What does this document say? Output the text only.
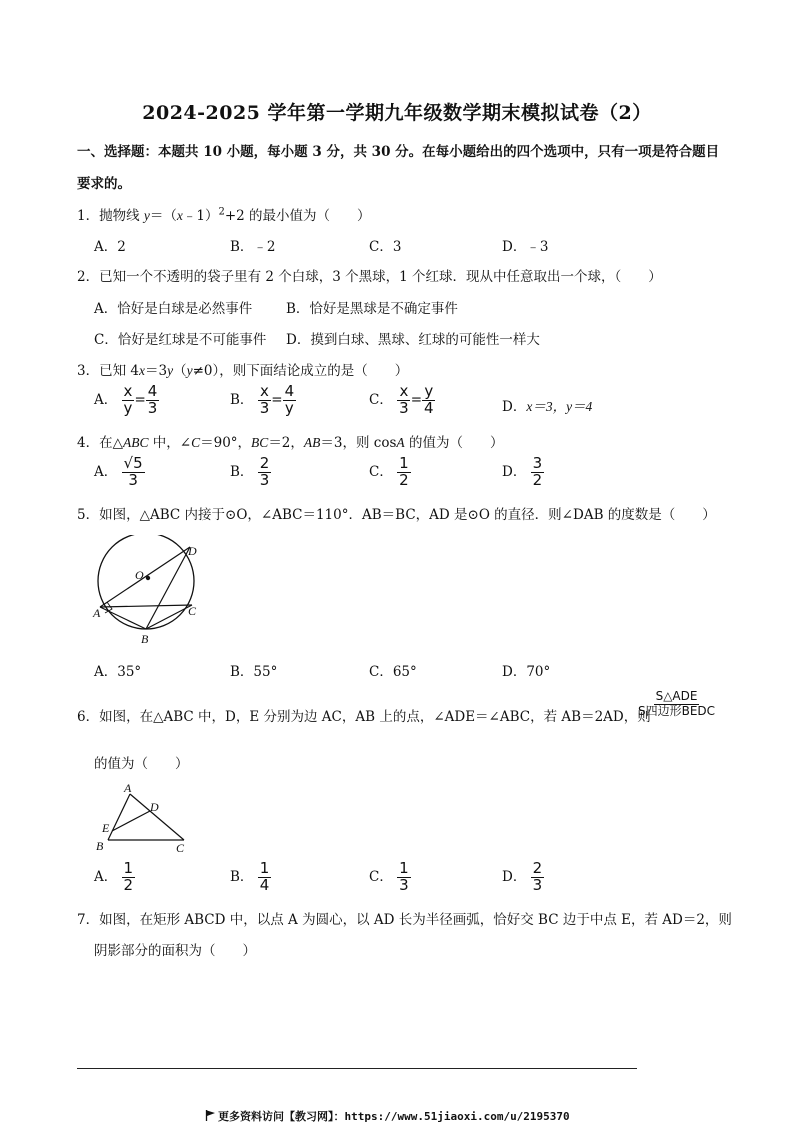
2024-2025 学年第一学期九年级数学期末模拟试卷（2）
一、选择题：本题共 10 小题，每小题 3 分，共 30 分。在每小题给出的四个选项中，只有一项是符合题目
要求的。
1．抛物线 y＝（x﹣1）$^2$+2 的最小值为（　　）
A．2	B．﹣2	C．3	D．﹣3
2．已知一个不透明的袋子里有 2 个白球，3 个黑球，1 个红球．现从中任意取出一个球，（　　）
A．恰好是白球是必然事件	B．恰好是黑球是不确定事件
C．恰好是红球是不可能事件 D．摸到白球、黑球、红球的可能性一样大
3．已知 4x＝3y（y≠0），则下面结论成立的是（　　）
A． $\frac{x}{y} = \frac{4}{3}$	B． $\frac{x}{3} = \frac{4}{y}$	C． $\frac{x}{3} = \frac{y}{4}$	D．x＝3，y＝4
4．在△ABC 中，∠C＝90°，BC＝2，AB＝3，则 cosA 的值为（　　）
A． $\frac{√5}{3}$	B． $\frac{2}{3}$	C． $\frac{1}{2}$	D． $\frac{3}{2}$
5．如图，△ABC 内接于⊙O，∠ABC＝110°．AB＝BC，AD 是⊙O 的直径．则∠DAB 的度数是（　　）
O
D
A	C
B
A．35°	B．55°	C．65°	D．70°
6．如图，在△ABC 中，D，E 分别为边 AC，AB 上的点，∠ADE＝∠ABC，若 AB＝2AD，则
$\frac{\text{S△ADE}}{\text{S四边形BEDC}}$
的值为（　　）
A
D
E
B	C
A． $\frac{1}{2}$	B． $\frac{1}{4}$	C． $\frac{1}{3}$	D． $\frac{2}{3}$
7．如图，在矩形 ABCD 中，以点 A 为圆心，以 AD 长为半径画弧，恰好交 BC 边于中点 E，若 AD＝2，则
阴影部分的面积为（　　）
更多资料访问【教习网】：https://www.51jiaoxi.com/u/2195370
